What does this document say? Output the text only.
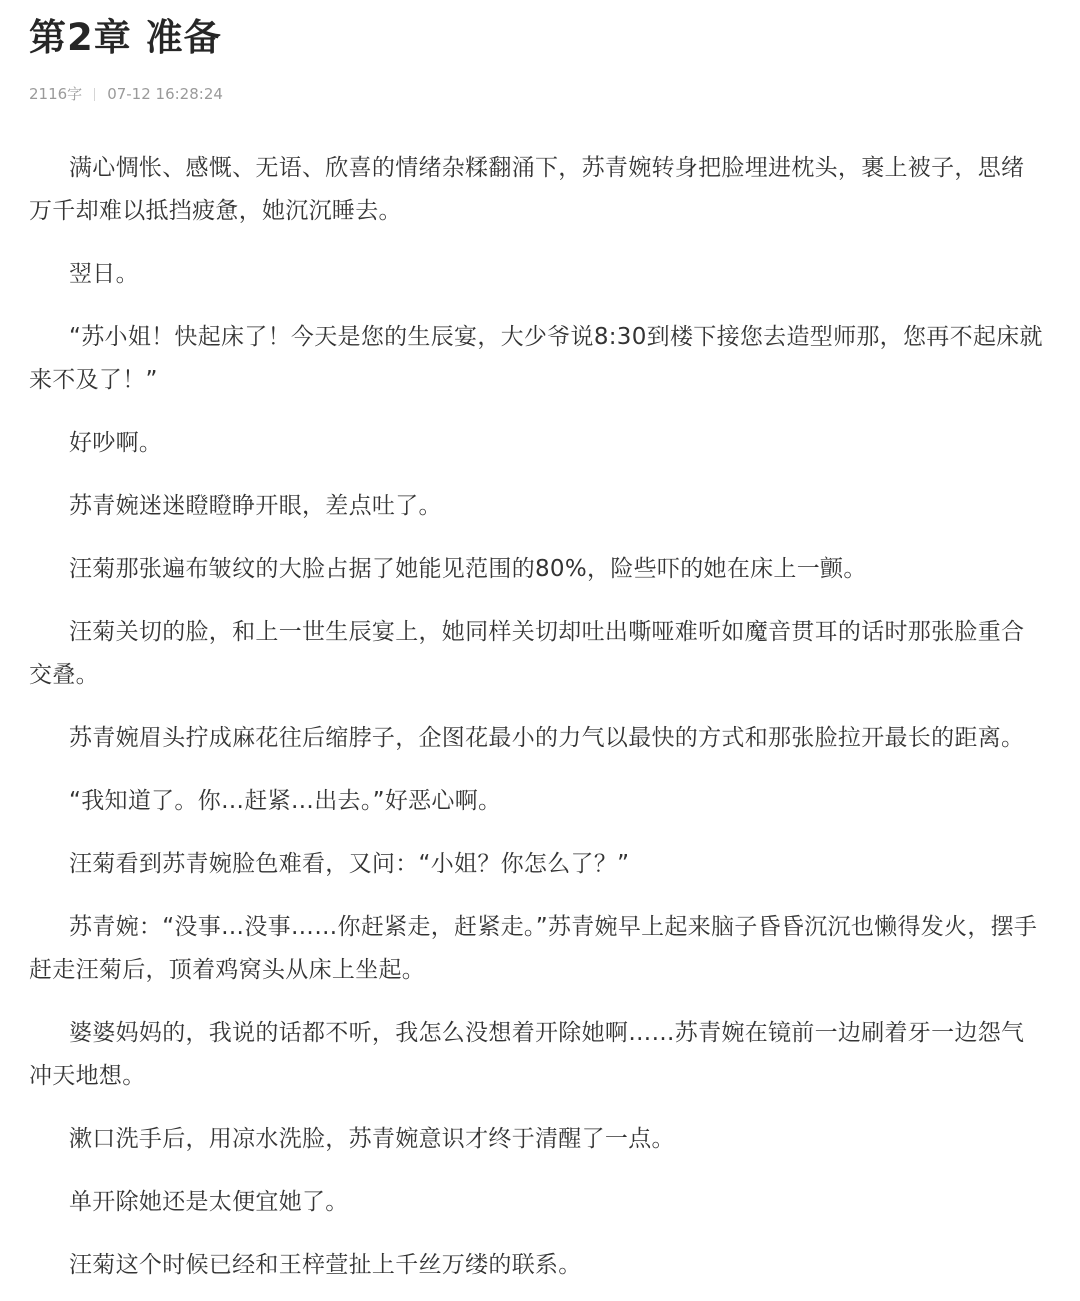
第2章 准备
2116字 07-12 16:28:24

满心惆怅、感慨、无语、欣喜的情绪杂糅翻涌下，苏青婉转身把脸埋进枕头，裹上被子，思绪万千却难以抵挡疲惫，她沉沉睡去。

翌日。

“苏小姐！快起床了！今天是您的生辰宴，大少爷说8:30到楼下接您去造型师那，您再不起床就来不及了！”

好吵啊。

苏青婉迷迷瞪瞪睁开眼，差点吐了。

汪菊那张遍布皱纹的大脸占据了她能见范围的80%，险些吓的她在床上一颤。

汪菊关切的脸，和上一世生辰宴上，她同样关切却吐出嘶哑难听如魔音贯耳的话时那张脸重合交叠。

苏青婉眉头拧成麻花往后缩脖子，企图花最小的力气以最快的方式和那张脸拉开最长的距离。

“我知道了。你…赶紧…出去。”好恶心啊。

汪菊看到苏青婉脸色难看，又问：“小姐？你怎么了？”

苏青婉：“没事…没事……你赶紧走，赶紧走。”苏青婉早上起来脑子昏昏沉沉也懒得发火，摆手赶走汪菊后，顶着鸡窝头从床上坐起。

婆婆妈妈的，我说的话都不听，我怎么没想着开除她啊……苏青婉在镜前一边刷着牙一边怨气冲天地想。

漱口洗手后，用凉水洗脸，苏青婉意识才终于清醒了一点。

单开除她还是太便宜她了。

汪菊这个时候已经和王梓萱扯上千丝万缕的联系。
